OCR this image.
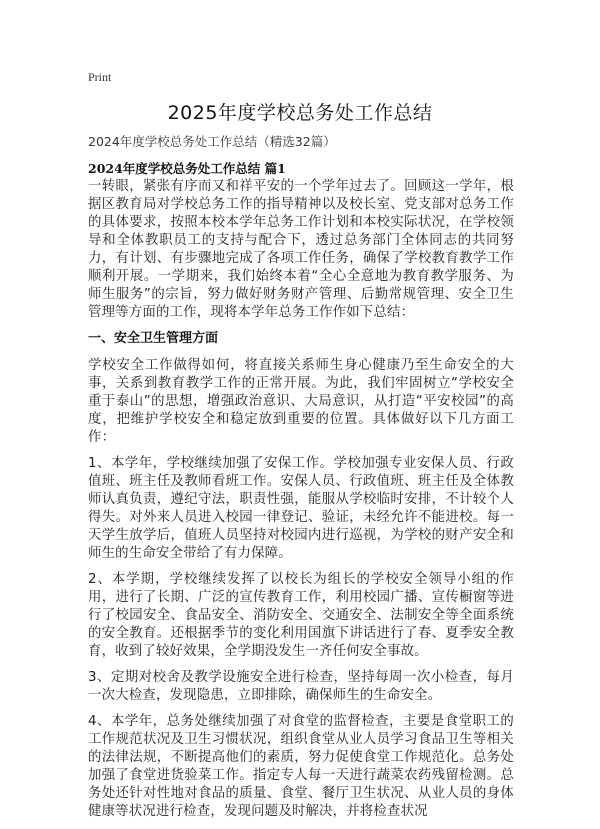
Print
2025年度学校总务处工作总结

2024年度学校总务处工作总结（精选32篇）

2024年度学校总务处工作总结 篇1

一转眼，紧张有序而又和祥平安的一个学年过去了。回顾这一学年，根据区教育局对学校总务工作的指导精神以及校长室、党支部对总务工作的具体要求，按照本校本学年总务工作计划和本校实际状况，在学校领导和全体教职员工的支持与配合下，透过总务部门全体同志的共同努力，有计划、有步骤地完成了各项工作任务，确保了学校教育教学工作顺利开展。一学期来，我们始终本着“全心全意地为教育教学服务、为师生服务”的宗旨，努力做好财务财产管理、后勤常规管理、安全卫生管理等方面的工作，现将本学年总务工作作如下总结：

一、安全卫生管理方面

学校安全工作做得如何，将直接关系师生身心健康乃至生命安全的大事，关系到教育教学工作的正常开展。为此，我们牢固树立“学校安全重于泰山”的思想，增强政治意识、大局意识，从打造“平安校园”的高度，把维护学校安全和稳定放到重要的位置。具体做好以下几方面工作：

1、本学年，学校继续加强了安保工作。学校加强专业安保人员、行政值班、班主任及教师看班工作。安保人员、行政值班、班主任及全体教师认真负责，遵纪守法，职责性强，能服从学校临时安排，不计较个人得失。对外来人员进入校园一律登记、验证，未经允许不能进校。每一天学生放学后，值班人员坚持对校园内进行巡视，为学校的财产安全和师生的生命安全带给了有力保障。

2、本学期，学校继续发挥了以校长为组长的学校安全领导小组的作用，进行了长期、广泛的宣传教育工作，利用校园广播、宣传橱窗等进行了校园安全、食品安全、消防安全、交通安全、法制安全等全面系统的安全教育。还根据季节的变化利用国旗下讲话进行了春、夏季安全教育，收到了较好效果，全学期没发生一齐任何安全事故。

3、定期对校舍及教学设施安全进行检查，坚持每周一次小检查，每月一次大检查，发现隐患，立即排除，确保师生的生命安全。

4、本学年，总务处继续加强了对食堂的监督检查，主要是食堂职工的工作规范状况及卫生习惯状况，组织食堂从业人员学习食品卫生等相关的法律法规，不断提高他们的素质，努力促使食堂工作规范化。总务处加强了食堂进货验菜工作。指定专人每一天进行蔬菜农药残留检测。总务处还针对性地对食品的质量、食堂、餐厅卫生状况、从业人员的身体健康等状况进行检查，发现问题及时解决，并将检查状况
